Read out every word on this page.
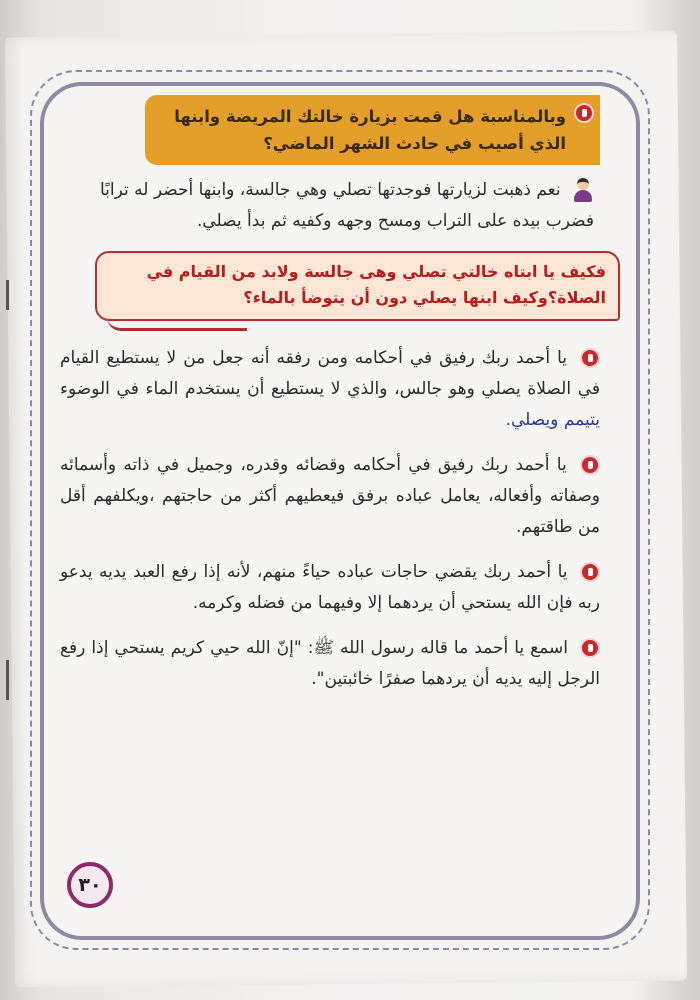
وبالمناسبة هل قمت بزيارة خالتك المريضة وابنها الذي أصيب في حادث الشهر الماضي؟
نعم ذهبت لزيارتها فوجدتها تصلي وهي جالسة، وابنها أحضر له ترابًا فضرب بيده على التراب ومسح وجهه وكفيه ثم بدأ يصلي.
فكيف يا ابتاه خالتي تصلي وهى جالسة ولابد من القيام في الصلاة؟وكيف ابنها يصلي دون أن يتوضأ بالماء؟
يا أحمد ربك رفيق في أحكامه ومن رفقه أنه جعل من لا يستطيع القيام في الصلاة يصلي وهو جالس، والذي لا يستطيع أن يستخدم الماء في الوضوء يتيمم ويصلي.
يا أحمد ربك رفيق في أحكامه وقضائه وقدره، وجميل في ذاته وأسمائه وصفاته وأفعاله، يعامل عباده برفق فيعطيهم أكثر من حاجتهم ،ويكلفهم أقل من طاقتهم.
يا أحمد ربك يقضي حاجات عباده حياءً منهم، لأنه إذا رفع العبد يديه يدعو ربه فإن الله يستحي أن يردهما إلا وفيهما من فضله وكرمه.
اسمع يا أحمد ما قاله رسول الله ﷺ: "إنّ الله حيي كريم يستحي إذا رفع الرجل إليه يديه أن يردهما صفرًا خائبتين".
٣٠
